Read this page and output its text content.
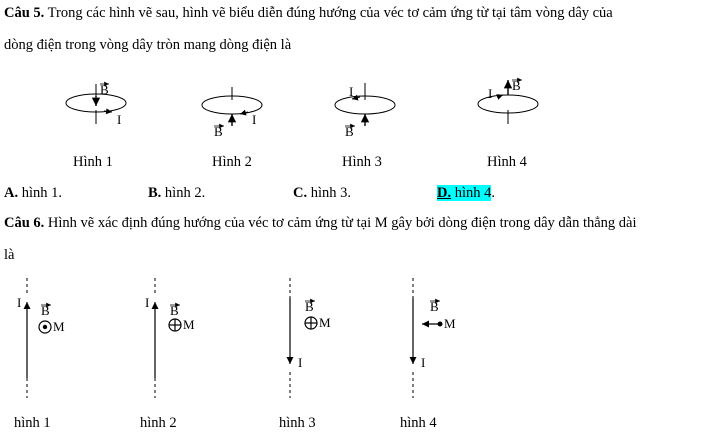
Câu 5. Trong các hình vẽ sau, hình vẽ biểu diễn đúng hướng của véc tơ cảm ứng từ tại tâm vòng dây của
dòng điện trong vòng dây tròn mang dòng điện là
B
I
B
I
I
B
I
B
Hình 1	Hình 2	Hình 3	Hình 4
A. hình 1.	B. hình 2.	C. hình 3.	D. hình 4.
Câu 6. Hình vẽ xác định đúng hướng của véc tơ cảm ứng từ tại M gây bởi dòng điện trong dây dẫn thẳng dài
là
I
B
M
I
B
M
I
B
M
I
B
M
hình 1	hình 2	hình 3	hình 4
